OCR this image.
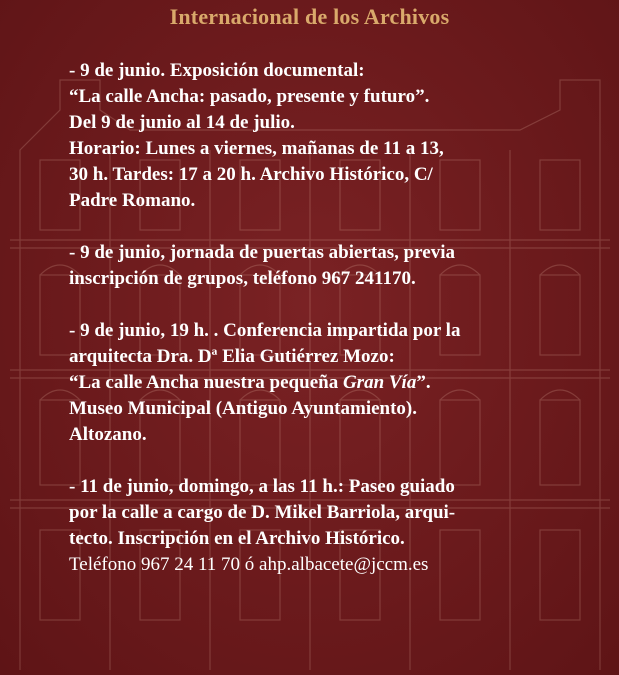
Internacional de los Archivos

- 9 de junio. Exposición documental:

“La calle Ancha: pasado, presente y futuro”.

Del 9 de junio al 14 de julio.

Horario: Lunes a viernes, mañanas de 11 a 13,

30 h. Tardes: 17 a 20 h. Archivo Histórico, C/

Padre Romano.

- 9 de junio, jornada de puertas abiertas, previa

inscripción de grupos, teléfono 967 241170.

- 9 de junio, 19 h. . Conferencia impartida por la

arquitecta Dra. Dª Elia Gutiérrez Mozo:

“La calle Ancha nuestra pequeña Gran Vía”.

Museo Municipal (Antiguo Ayuntamiento).

Altozano.

- 11 de junio, domingo, a las 11 h.: Paseo guiado

por la calle a cargo de D. Mikel Barriola, arqui-

tecto. Inscripción en el Archivo Histórico.

Teléfono 967 24 11 70 ó ahp.albacete@jccm.es
